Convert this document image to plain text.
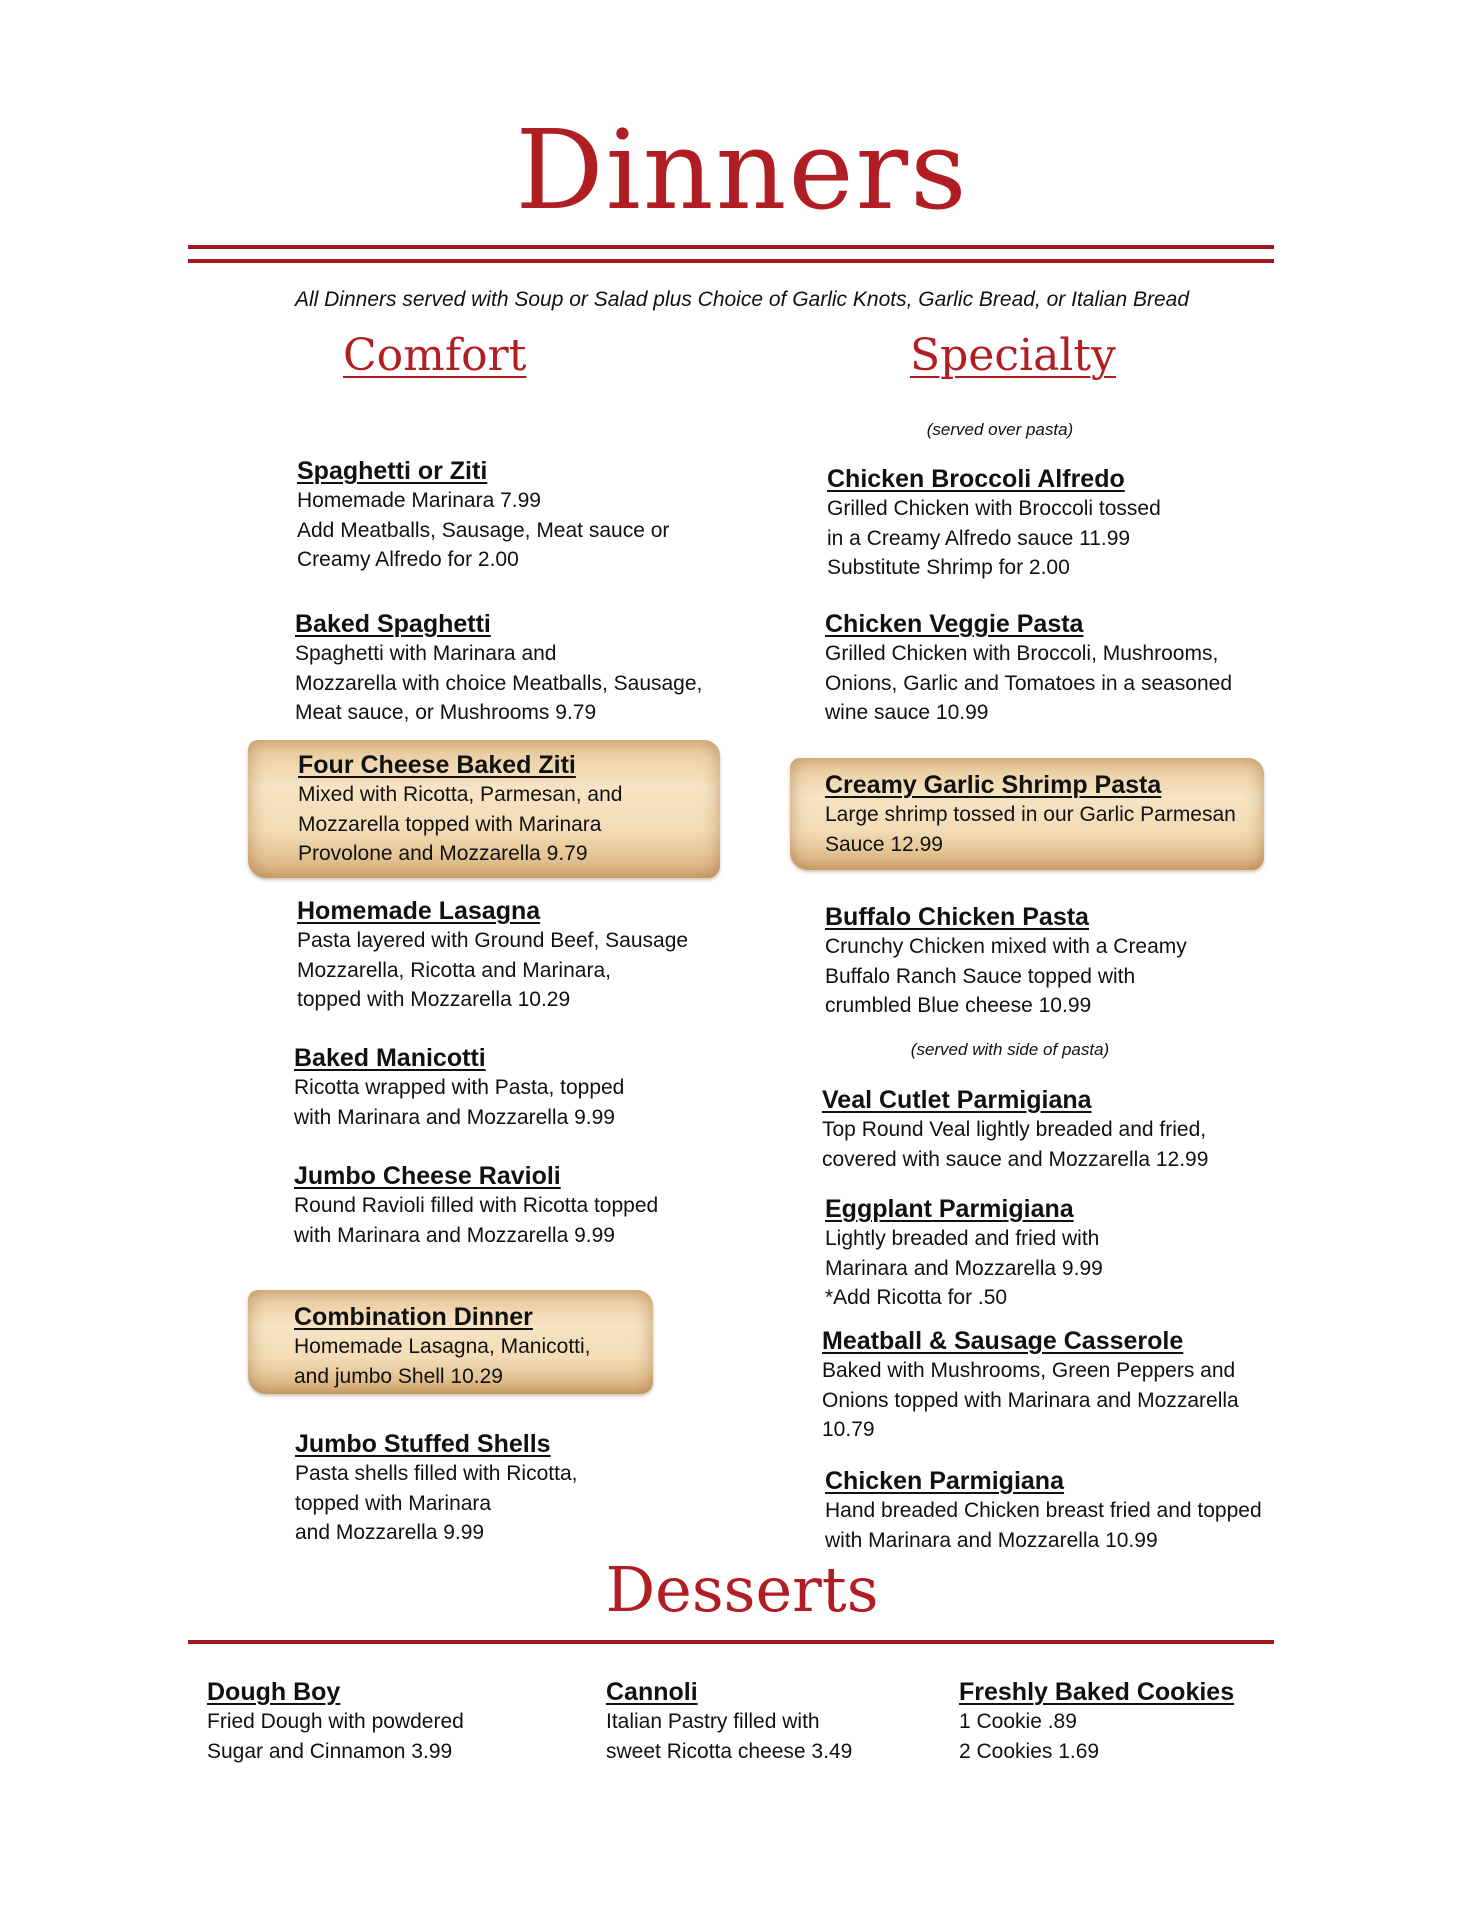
Dinners
All Dinners served with Soup or Salad plus Choice of Garlic Knots, Garlic Bread, or Italian Bread
Comfort	Specialty
(served over pasta)
Spaghetti or Ziti
Homemade Marinara 7.99
Add Meatballs, Sausage, Meat sauce or
Creamy Alfredo for 2.00
Baked Spaghetti
Spaghetti with Marinara and
Mozzarella with choice Meatballs, Sausage,
Meat sauce, or Mushrooms 9.79
Four Cheese Baked Ziti
Mixed with Ricotta, Parmesan, and
Mozzarella topped with Marinara
Provolone and Mozzarella 9.79
Homemade Lasagna
Pasta layered with Ground Beef, Sausage
Mozzarella, Ricotta and Marinara,
topped with Mozzarella 10.29
Baked Manicotti
Ricotta wrapped with Pasta, topped
with Marinara and Mozzarella 9.99
Jumbo Cheese Ravioli
Round Ravioli filled with Ricotta topped
with Marinara and Mozzarella 9.99
Combination Dinner
Homemade Lasagna, Manicotti,
and jumbo Shell 10.29
Jumbo Stuffed Shells
Pasta shells filled with Ricotta,
topped with Marinara
and Mozzarella 9.99
Chicken Broccoli Alfredo
Grilled Chicken with Broccoli tossed
in a Creamy Alfredo sauce 11.99
Substitute Shrimp for 2.00
Chicken Veggie Pasta
Grilled Chicken with Broccoli, Mushrooms,
Onions, Garlic and Tomatoes in a seasoned
wine sauce 10.99
Creamy Garlic Shrimp Pasta
Large shrimp tossed in our Garlic Parmesan
Sauce 12.99
Buffalo Chicken Pasta
Crunchy Chicken mixed with a Creamy
Buffalo Ranch Sauce topped with
crumbled Blue cheese 10.99
(served with side of pasta)
Veal Cutlet Parmigiana
Top Round Veal lightly breaded and fried,
covered with sauce and Mozzarella 12.99
Eggplant Parmigiana
Lightly breaded and fried with
Marinara and Mozzarella 9.99
*Add Ricotta for .50
Meatball & Sausage Casserole
Baked with Mushrooms, Green Peppers and
Onions topped with Marinara and Mozzarella
10.79
Chicken Parmigiana
Hand breaded Chicken breast fried and topped
with Marinara and Mozzarella 10.99
Desserts
Dough Boy
Fried Dough with powdered
Sugar and Cinnamon 3.99
Cannoli
Italian Pastry filled with
sweet Ricotta cheese 3.49
Freshly Baked Cookies
1 Cookie .89
2 Cookies 1.69
